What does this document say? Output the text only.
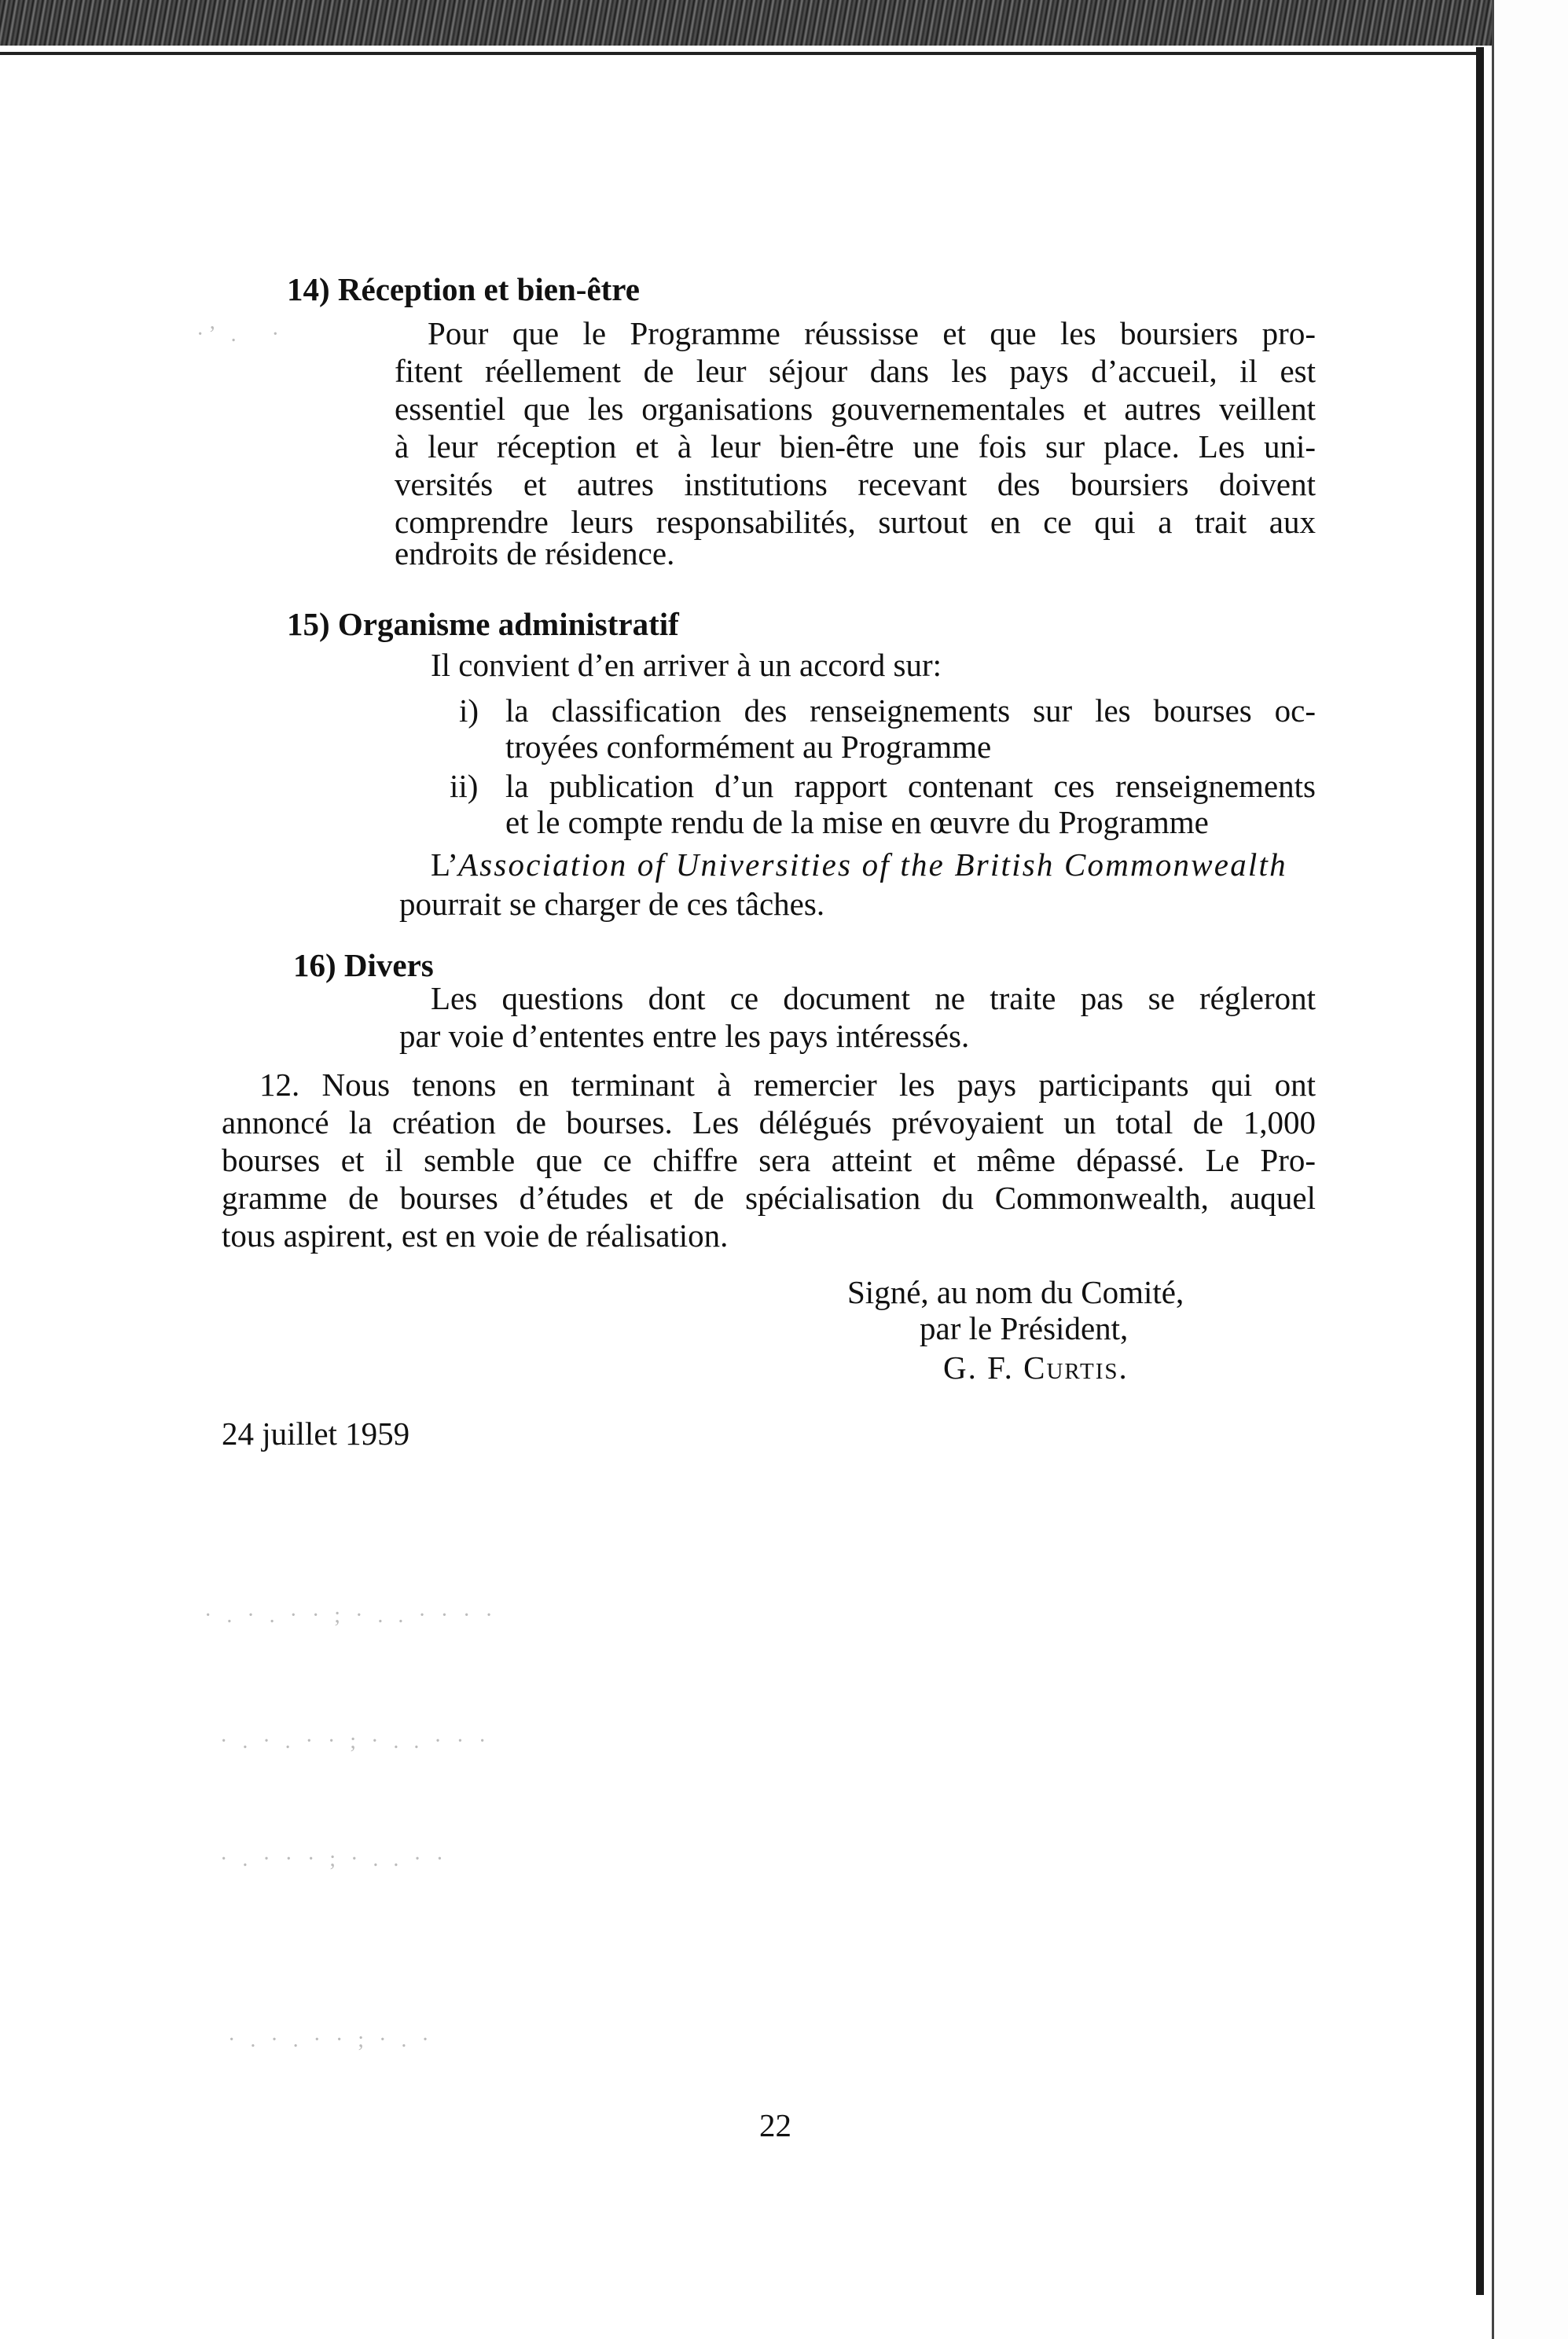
14) Réception et bien-être
Pour que le Programme réussisse et que les boursiers pro-
fitent réellement de leur séjour dans les pays d’accueil, il est
essentiel que les organisations gouvernementales et autres veillent
à leur réception et à leur bien-être une fois sur place. Les uni-
versités et autres institutions recevant des boursiers doivent
comprendre leurs responsabilités, surtout en ce qui a trait aux
endroits de résidence.
15) Organisme administratif
Il convient d’en arriver à un accord sur:
i) la classification des renseignements sur les bourses oc-
troyées conformément au Programme
ii) la publication d’un rapport contenant ces renseignements
et le compte rendu de la mise en œuvre du Programme
L’ Association of Universities of the British Commonwealth
pourrait se charger de ces tâches.
16) Divers
Les questions dont ce document ne traite pas se régleront
par voie d’ententes entre les pays intéressés.
12. Nous tenons en terminant à remercier les pays participants qui ont
annoncé la création de bourses. Les délégués prévoyaient un total de 1,000
bourses et il semble que ce chiffre sera atteint et même dépassé. Le Pro-
gramme de bourses d’études et de spécialisation du Commonwealth, auquel
tous aspirent, est en voie de réalisation.
Signé, au nom du Comité,
par le Président,
G. F. Curtis.
24 juillet 1959
22
·ʼ .   ·
· . · . · · ; · . . · · · ·
· . · . · · ; · . . · · ·
· . · · · ; · . . · ·
· . · . · · ; · . ·
